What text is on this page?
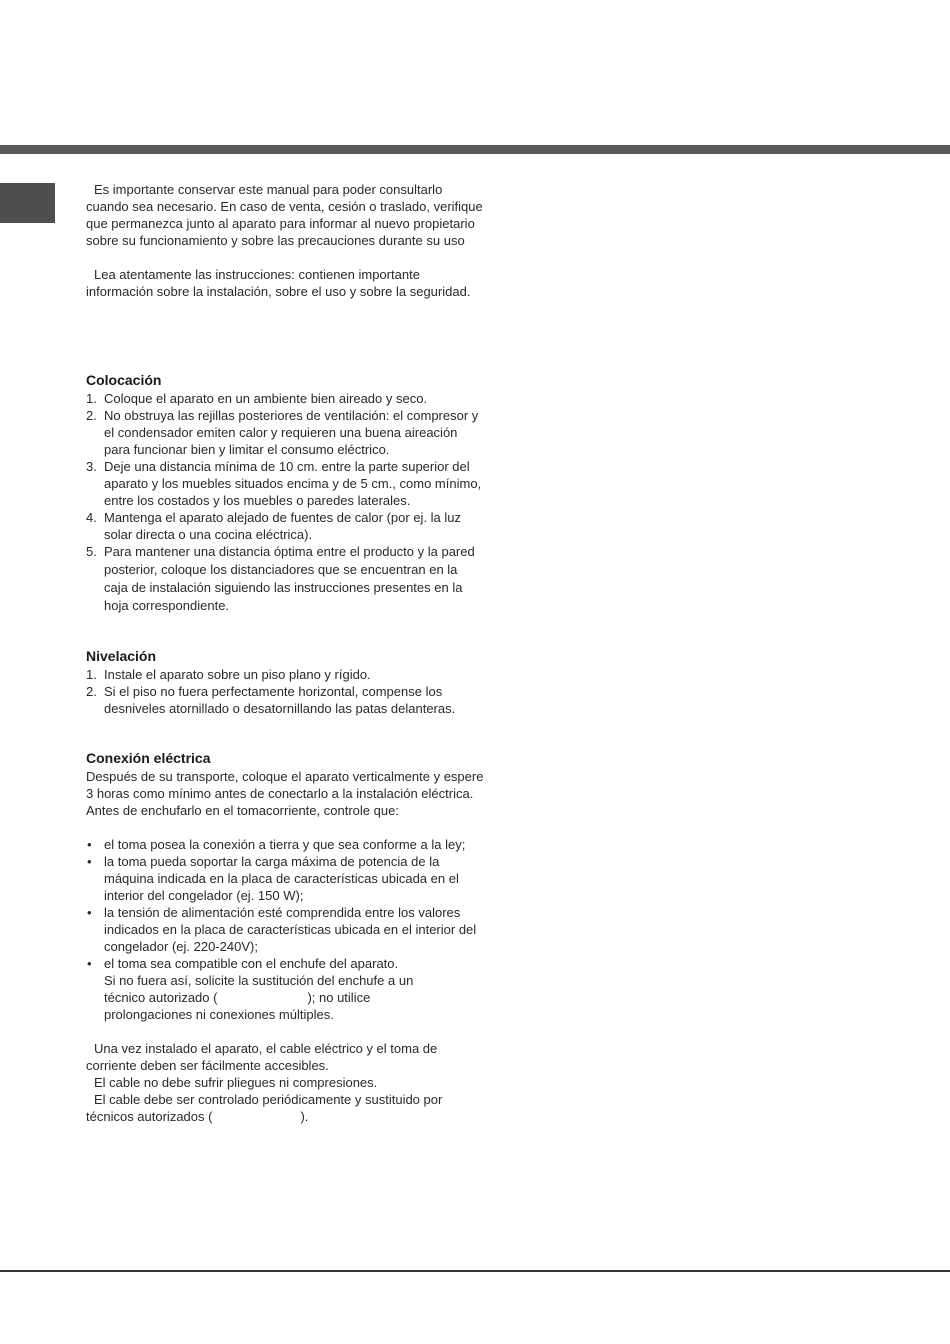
Es importante conservar este manual para poder consultarlo cuando sea necesario. En caso de venta, cesión o traslado, verifique que permanezca junto al aparato para informar al nuevo propietario sobre su funcionamiento y sobre las precauciones durante su uso

Lea atentamente las instrucciones: contienen importante información sobre la instalación, sobre el uso y sobre la seguridad.

Colocación
1. Coloque el aparato en un ambiente bien aireado y seco.
2. No obstruya las rejillas posteriores de ventilación: el compresor y el condensador emiten calor y requieren una buena aireación para funcionar bien y limitar el consumo eléctrico.
3. Deje una distancia mínima de 10 cm. entre la parte superior del aparato y los muebles situados encima y de 5 cm., como mínimo, entre los costados y los muebles o paredes laterales.
4. Mantenga el aparato alejado de fuentes de calor (por ej. la luz solar directa o una cocina eléctrica).
5. Para mantener una distancia óptima entre el producto y la pared posterior, coloque los distanciadores que se encuentran en la caja de instalación siguiendo las instrucciones presentes en la hoja correspondiente.
Nivelación
1. Instale el aparato sobre un piso plano y rígido.
2. Si el piso no fuera perfectamente horizontal, compense los desniveles atornillado o desatornillando las patas delanteras.
Conexión eléctrica

Después de su transporte, coloque el aparato verticalmente y espere 3 horas como mínimo antes de conectarlo a la instalación eléctrica. Antes de enchufarlo en el tomacorriente, controle que:

• el toma posea la conexión a tierra y que sea conforme a la ley;
• la toma pueda soportar la carga máxima de potencia de la máquina indicada en la placa de características ubicada en el interior del congelador (ej. 150 W);
• la tensión de alimentación esté comprendida entre los valores indicados en la placa de características ubicada en el interior del congelador (ej. 220-240V);
• el toma sea compatible con el enchufe del aparato.
Si no fuera así, solicite la sustitución del enchufe a un
técnico autorizado (	); no utilice
prolongaciones ni conexiones múltiples.

Una vez instalado el aparato, el cable eléctrico y el toma de corriente deben ser fácilmente accesibles.

El cable no debe sufrir pliegues ni compresiones.

El cable debe ser controlado periódicamente y sustituido por técnicos autorizados (	).
